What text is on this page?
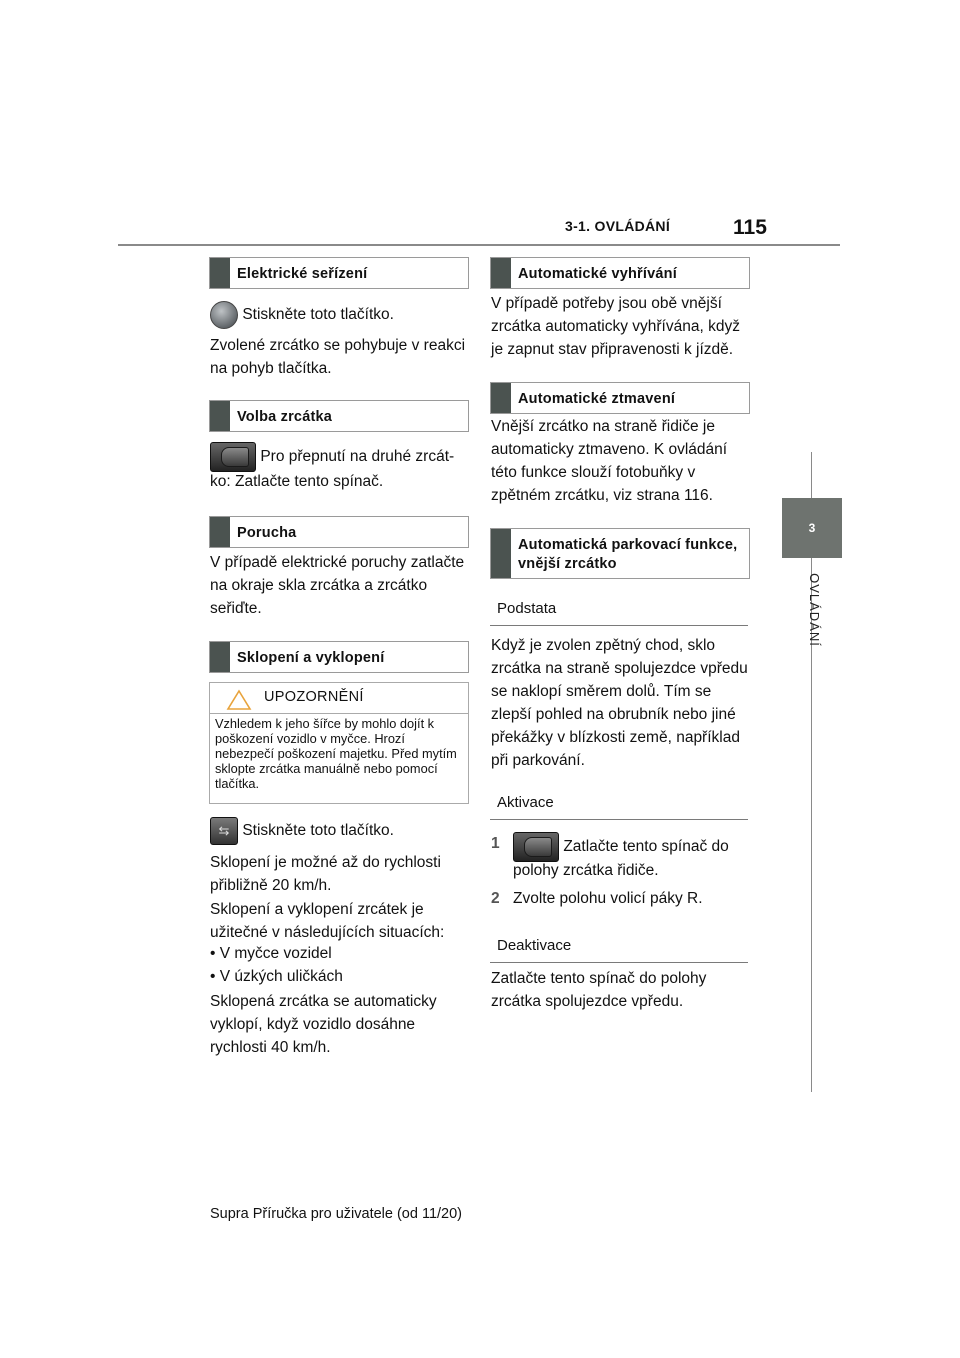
3-1. OVLÁDÁNÍ	115
3
OVLÁDÁNÍ
Elektrické seřízení
Stiskněte toto tlačítko.
Zvolené zrcátko se pohybuje v reakci na pohyb tlačítka.
Volba zrcátka
Pro přepnutí na druhé zrcát-
ko: Zatlačte tento spínač.
Porucha
V případě elektrické poruchy zatlačte na okraje skla zrcátka a zrcátko seřiďte.
Sklopení a vyklopení
UPOZORNĚNÍ
Vzhledem k jeho šířce by mohlo dojít k poškození vozidlo v myčce. Hrozí nebezpečí poškození majetku. Před mytím sklopte zrcátka manuálně nebo pomocí tlačítka.
⇆ Stiskněte toto tlačítko.
Sklopení je možné až do rychlosti přibližně 20 km/h.
Sklopení a vyklopení zrcátek je užitečné v následujících situacích:
• V myčce vozidel
• V úzkých uličkách
Sklopená zrcátka se automaticky vyklopí, když vozidlo dosáhne rychlosti 40 km/h.
Automatické vyhřívání
V případě potřeby jsou obě vnější zrcátka automaticky vyhřívána, když je zapnut stav připravenosti k jízdě.
Automatické ztmavení
Vnější zrcátko na straně řidiče je automaticky ztmaveno. K ovládání této funkce slouží fotobuňky v zpětném zrcátku, viz strana 116.
Automatická parkovací funkce, vnější zrcátko
Podstata
Když je zvolen zpětný chod, sklo zrcátka na straně spolujezdce vpředu se naklopí směrem dolů. Tím se zlepší pohled na obrubník nebo jiné překážky v blízkosti země, například při parkování.
Aktivace
1	Zatlačte tento spínač do
polohy zrcátka řidiče.
2 Zvolte polohu volicí páky R.
Deaktivace
Zatlačte tento spínač do polohy zrcátka spolujezdce vpředu.
Supra Příručka pro uživatele (od 11/20)
